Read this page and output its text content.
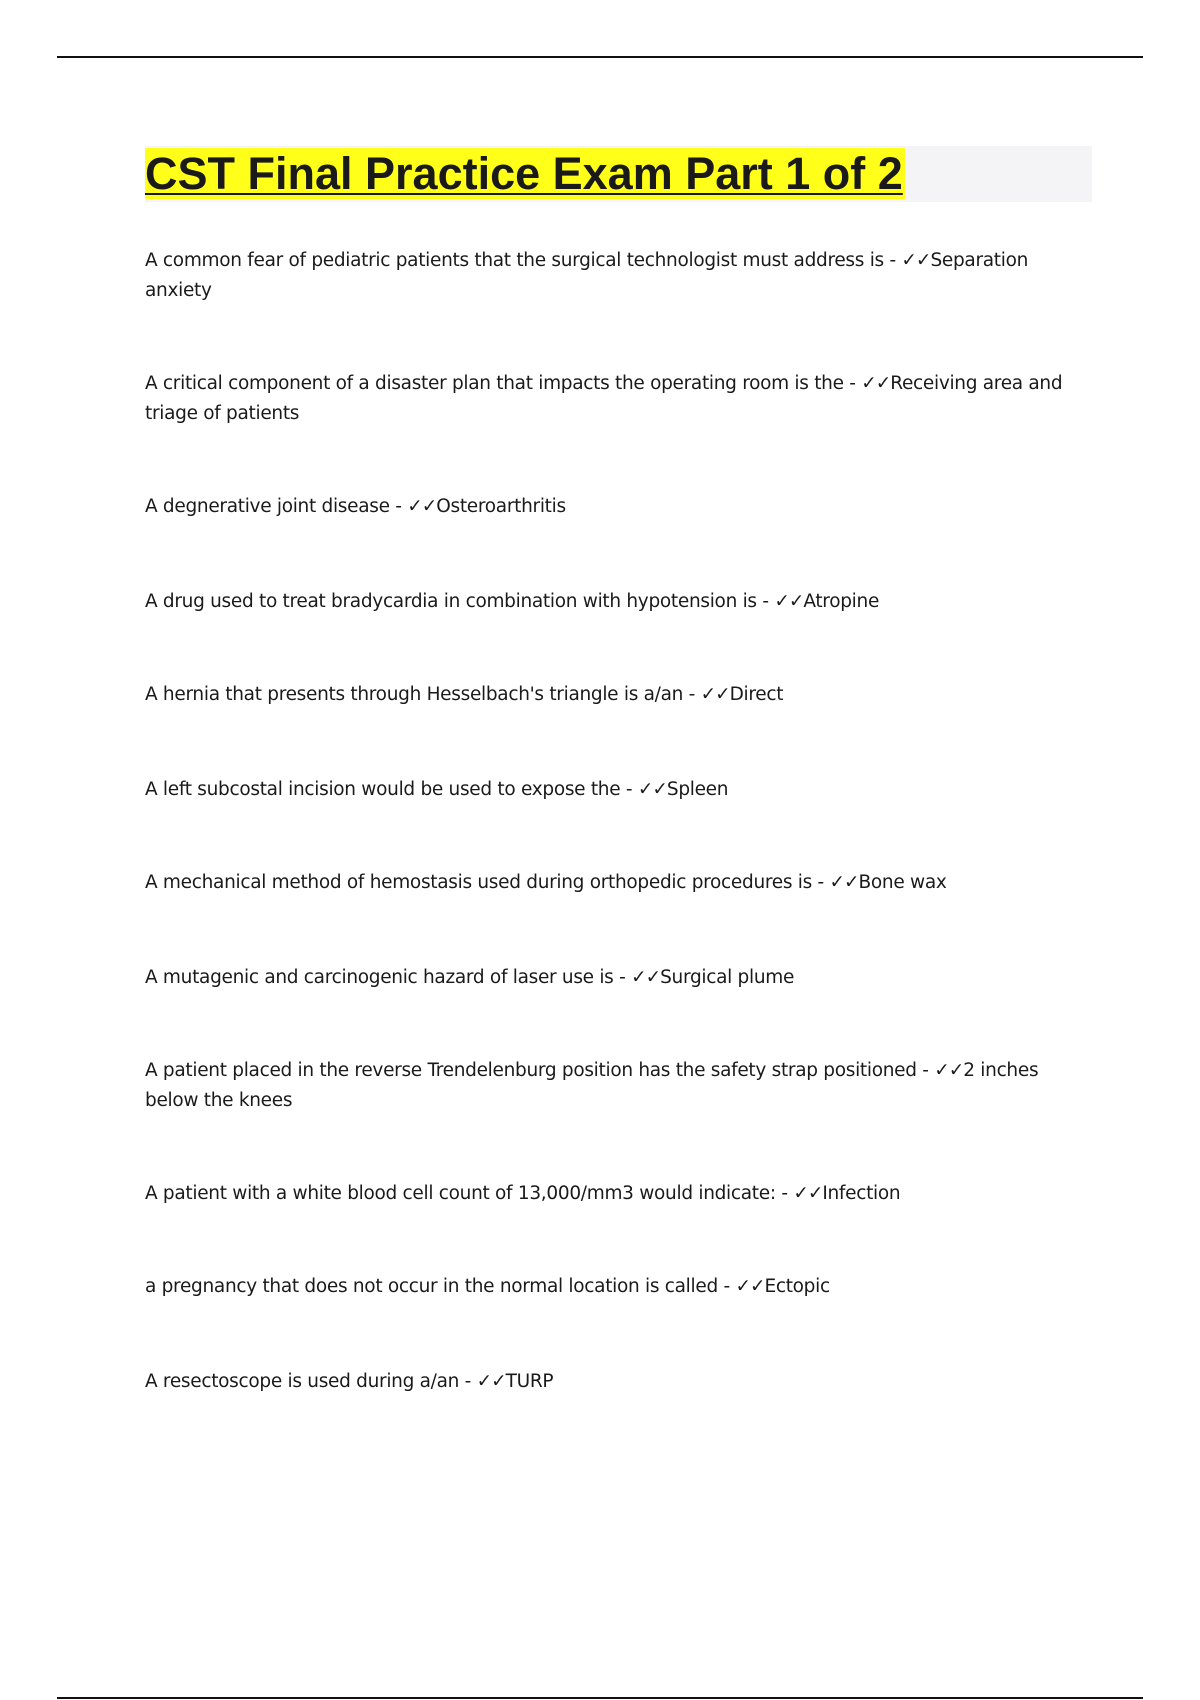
CST Final Practice Exam Part 1 of 2
A common fear of pediatric patients that the surgical technologist must address is - ✓✓Separation anxiety
A critical component of a disaster plan that impacts the operating room is the - ✓✓Receiving area and triage of patients
A degnerative joint disease - ✓✓Osteroarthritis
A drug used to treat bradycardia in combination with hypotension is - ✓✓Atropine
A hernia that presents through Hesselbach's triangle is a/an - ✓✓Direct
A left subcostal incision would be used to expose the - ✓✓Spleen
A mechanical method of hemostasis used during orthopedic procedures is - ✓✓Bone wax
A mutagenic and carcinogenic hazard of laser use is - ✓✓Surgical plume
A patient placed in the reverse Trendelenburg position has the safety strap positioned - ✓✓2 inches below the knees
A patient with a white blood cell count of 13,000/mm3 would indicate: - ✓✓Infection
a pregnancy that does not occur in the normal location is called - ✓✓Ectopic
A resectoscope is used during a/an - ✓✓TURP
